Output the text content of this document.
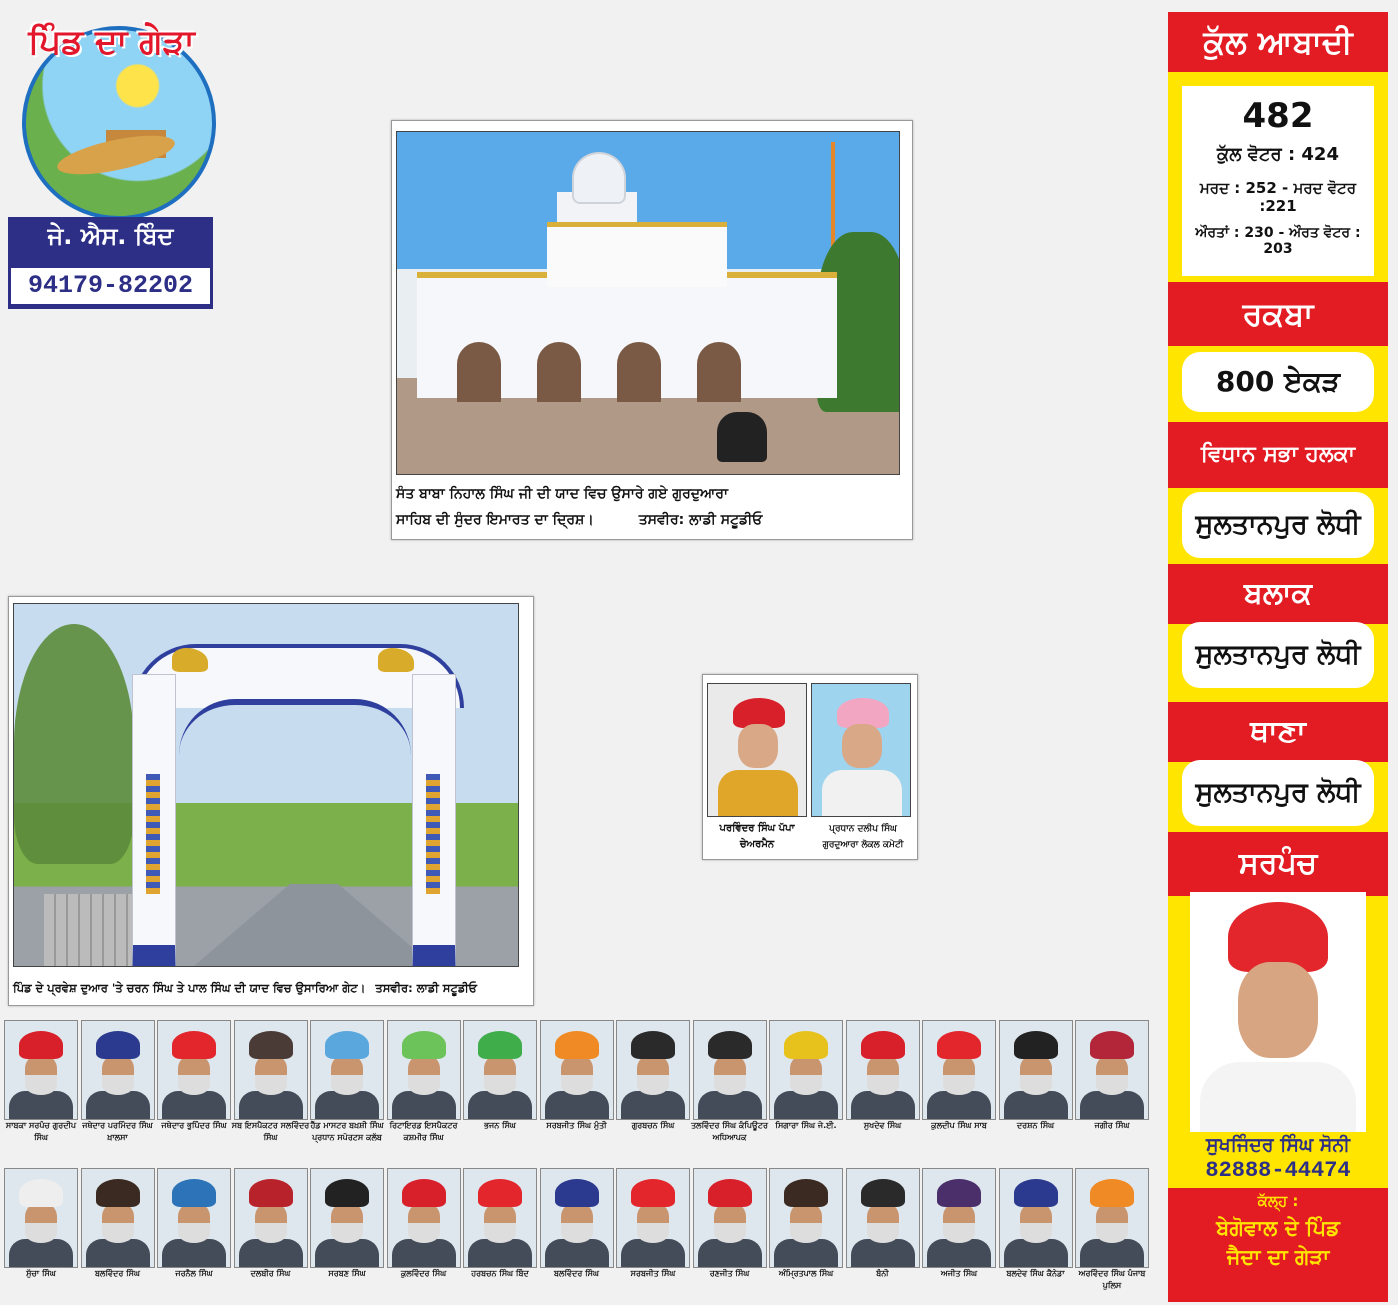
ਪਿੰਡ ਦਾ ਗੇੜਾ
ਜੇ. ਐਸ. ਬਿੰਦ
94179-82202
ਸੰਤ ਬਾਬਾ ਨਿਹਾਲ ਸਿੰਘ ਜੀ ਦੀ ਯਾਦ ਵਿਚ ਉਸਾਰੇ ਗਏ ਗੁਰਦੁਆਰਾ
ਸਾਹਿਬ ਦੀ ਸੁੰਦਰ ਇਮਾਰਤ ਦਾ ਦ੍ਰਿਸ਼।	ਤਸਵੀਰ: ਲਾਡੀ ਸਟੂਡੀਓ
ਪਿੰਡ ਦੇ ਪ੍ਰਵੇਸ਼ ਦੁਆਰ 'ਤੇ ਚਰਨ ਸਿੰਘ ਤੇ ਪਾਲ ਸਿੰਘ ਦੀ ਯਾਦ ਵਿਚ ਉਸਾਰਿਆ ਗੇਟ। ਤਸਵੀਰ: ਲਾਡੀ ਸਟੂਡੀਓ
ਪਰਵਿੰਦਰ ਸਿੰਘ ਪੱਪਾ
ਚੇਅਰਮੈਨ
ਪ੍ਰਧਾਨ ਦਲੀਪ ਸਿੰਘ
ਗੁਰਦੁਆਰਾ ਲੋਕਲ ਕਮੇਟੀ
ਕੁੱਲ ਆਬਾਦੀ
482
ਕੁੱਲ ਵੋਟਰ : 424
ਮਰਦ : 252 - ਮਰਦ ਵੋਟਰ :221
ਔਰਤਾਂ : 230 - ਔਰਤ ਵੋਟਰ : 203
ਰਕਬਾ
800 ਏਕੜ
ਵਿਧਾਨ ਸਭਾ ਹਲਕਾ
ਸੁਲਤਾਨਪੁਰ ਲੋਧੀ
ਬਲਾਕ
ਸੁਲਤਾਨਪੁਰ ਲੋਧੀ
ਥਾਣਾ
ਸੁਲਤਾਨਪੁਰ ਲੋਧੀ
ਸਰਪੰਚ
ਸੁਖਜਿੰਦਰ ਸਿੰਘ ਸੋਨੀ
82888-44474
ਕੱਲ੍ਹ :
ਬੇਗੋਵਾਲ ਦੇ ਪਿੰਡ
ਜੈਦਾ ਦਾ ਗੇੜਾ
ਸਾਬਕਾ ਸਰਪੰਚ ਗੁਰਦੀਪ ਸਿੰਘ
ਜਥੇਦਾਰ ਪਰਮਿੰਦਰ ਸਿੰਘ ਖ਼ਾਲਸਾ
ਜਥੇਦਾਰ ਭੁਪਿੰਦਰ ਸਿੰਘ ਸਬ ਇਸਪੈਕਟਰ ਸਲਵਿੰਦਰ ਸਿੰਘ
ਹੈੱਡ ਮਾਸਟਰ ਬਖ਼ਸ਼ੀ ਸਿੰਘ ਪ੍ਰਧਾਨ ਸਪੋਰਟਸ ਕਲੱਬ
ਰਿਟਾਇਰਡ ਇਸਪੈਕਟਰ ਕਸ਼ਮੀਰ ਸਿੰਘ
ਭਜਨ ਸਿੰਘ	ਸਰਬਜੀਤ ਸਿੰਘ ਮੁੰਤੀ	ਗੁਰਬਚਨ ਸਿੰਘ	ਤਲਵਿੰਦਰ ਸਿੰਘ ਕੰਪਿਊਟਰ ਅਧਿਆਪਕ
ਸਿਗਾਰਾ ਸਿੰਘ ਜੇ.ਈ.	ਸੁਖਦੇਵ ਸਿੰਘ	ਕੁਲਦੀਪ ਸਿੰਘ ਸਾਬ	ਦਰਸ਼ਨ ਸਿੰਘ	ਜਗੀਰ ਸਿੰਘ
ਸੁੱਚਾ ਸਿੰਘ	ਬਲਵਿੰਦਰ ਸਿੰਘ	ਜਰਨੈਲ ਸਿੰਘ	ਦਲਬੀਰ ਸਿੰਘ	ਸਰਬਣ ਸਿੰਘ	ਕੁਲਵਿੰਦਰ ਸਿੰਘ	ਹਰਬਚਨ ਸਿੰਘ ਬਿੰਦ	ਬਲਵਿੰਦਰ ਸਿੰਘ	ਸਰਬਜੀਤ ਸਿੰਘ	ਰਣਜੀਤ ਸਿੰਘ	ਅੰਮ੍ਰਿਤਪਾਲ ਸਿੰਘ	ਬੰਨੀ	ਅਜੀਤ ਸਿੰਘ	ਬਲਦੇਵ ਸਿੰਘ ਕੈਨੇਡਾ	ਅਰਵਿੰਦਰ ਸਿੰਘ ਪੰਜਾਬ ਪੁਲਿਸ
